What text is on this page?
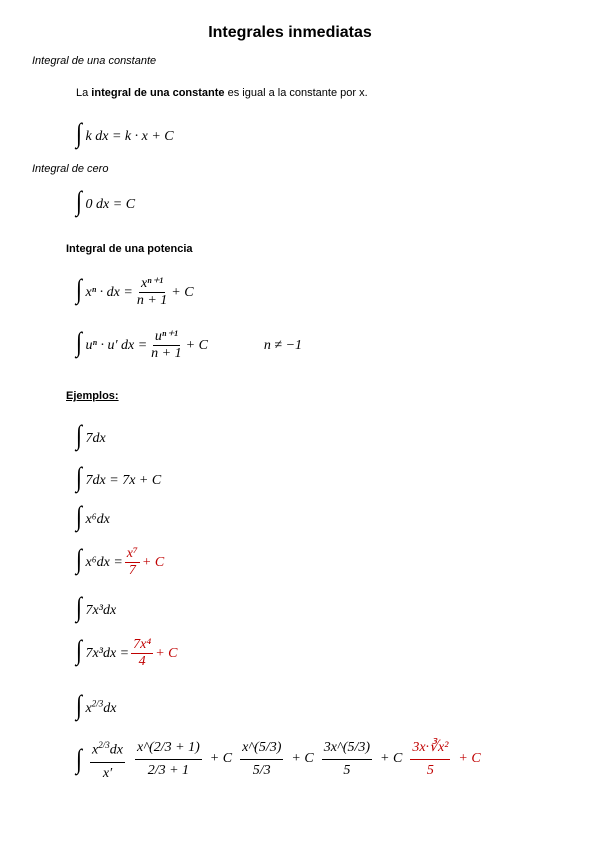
Integrales inmediatas
Integral de una constante
La integral de una constante es igual a la constante por x.
∫ k dx = k · x + C
Integral de cero
∫ 0 dx = C
Integral de una potencia
∫ xⁿ · dx = $\frac{\text{xⁿ⁺¹}}{n + 1} + C$
∫ uⁿ · u′ dx = $\frac{\text{uⁿ⁺¹}}{n + 1} + C$	n ≠ −1
Ejemplos:
∫ 7dx
∫ 7dx = 7x + C
∫ x⁶dx
∫ $x^6dx = \frac{\text{x⁷}}{7} + C$
∫ 7x³dx
∫ $7x^3dx = \frac{\text{7x⁴}}{4} + C$
∫ $x^{2/3}dx$
∫ $\frac{x^{2/3}dx}{x'} \frac{x\^{}(2/3 + 1)}{2/3 + 1} + C \frac{x\^{}(5/3)}{5/3} + C \frac{3x\^{}(5/3)}{5} + C \frac{\text{3x·∛x²}}{5} + C$
